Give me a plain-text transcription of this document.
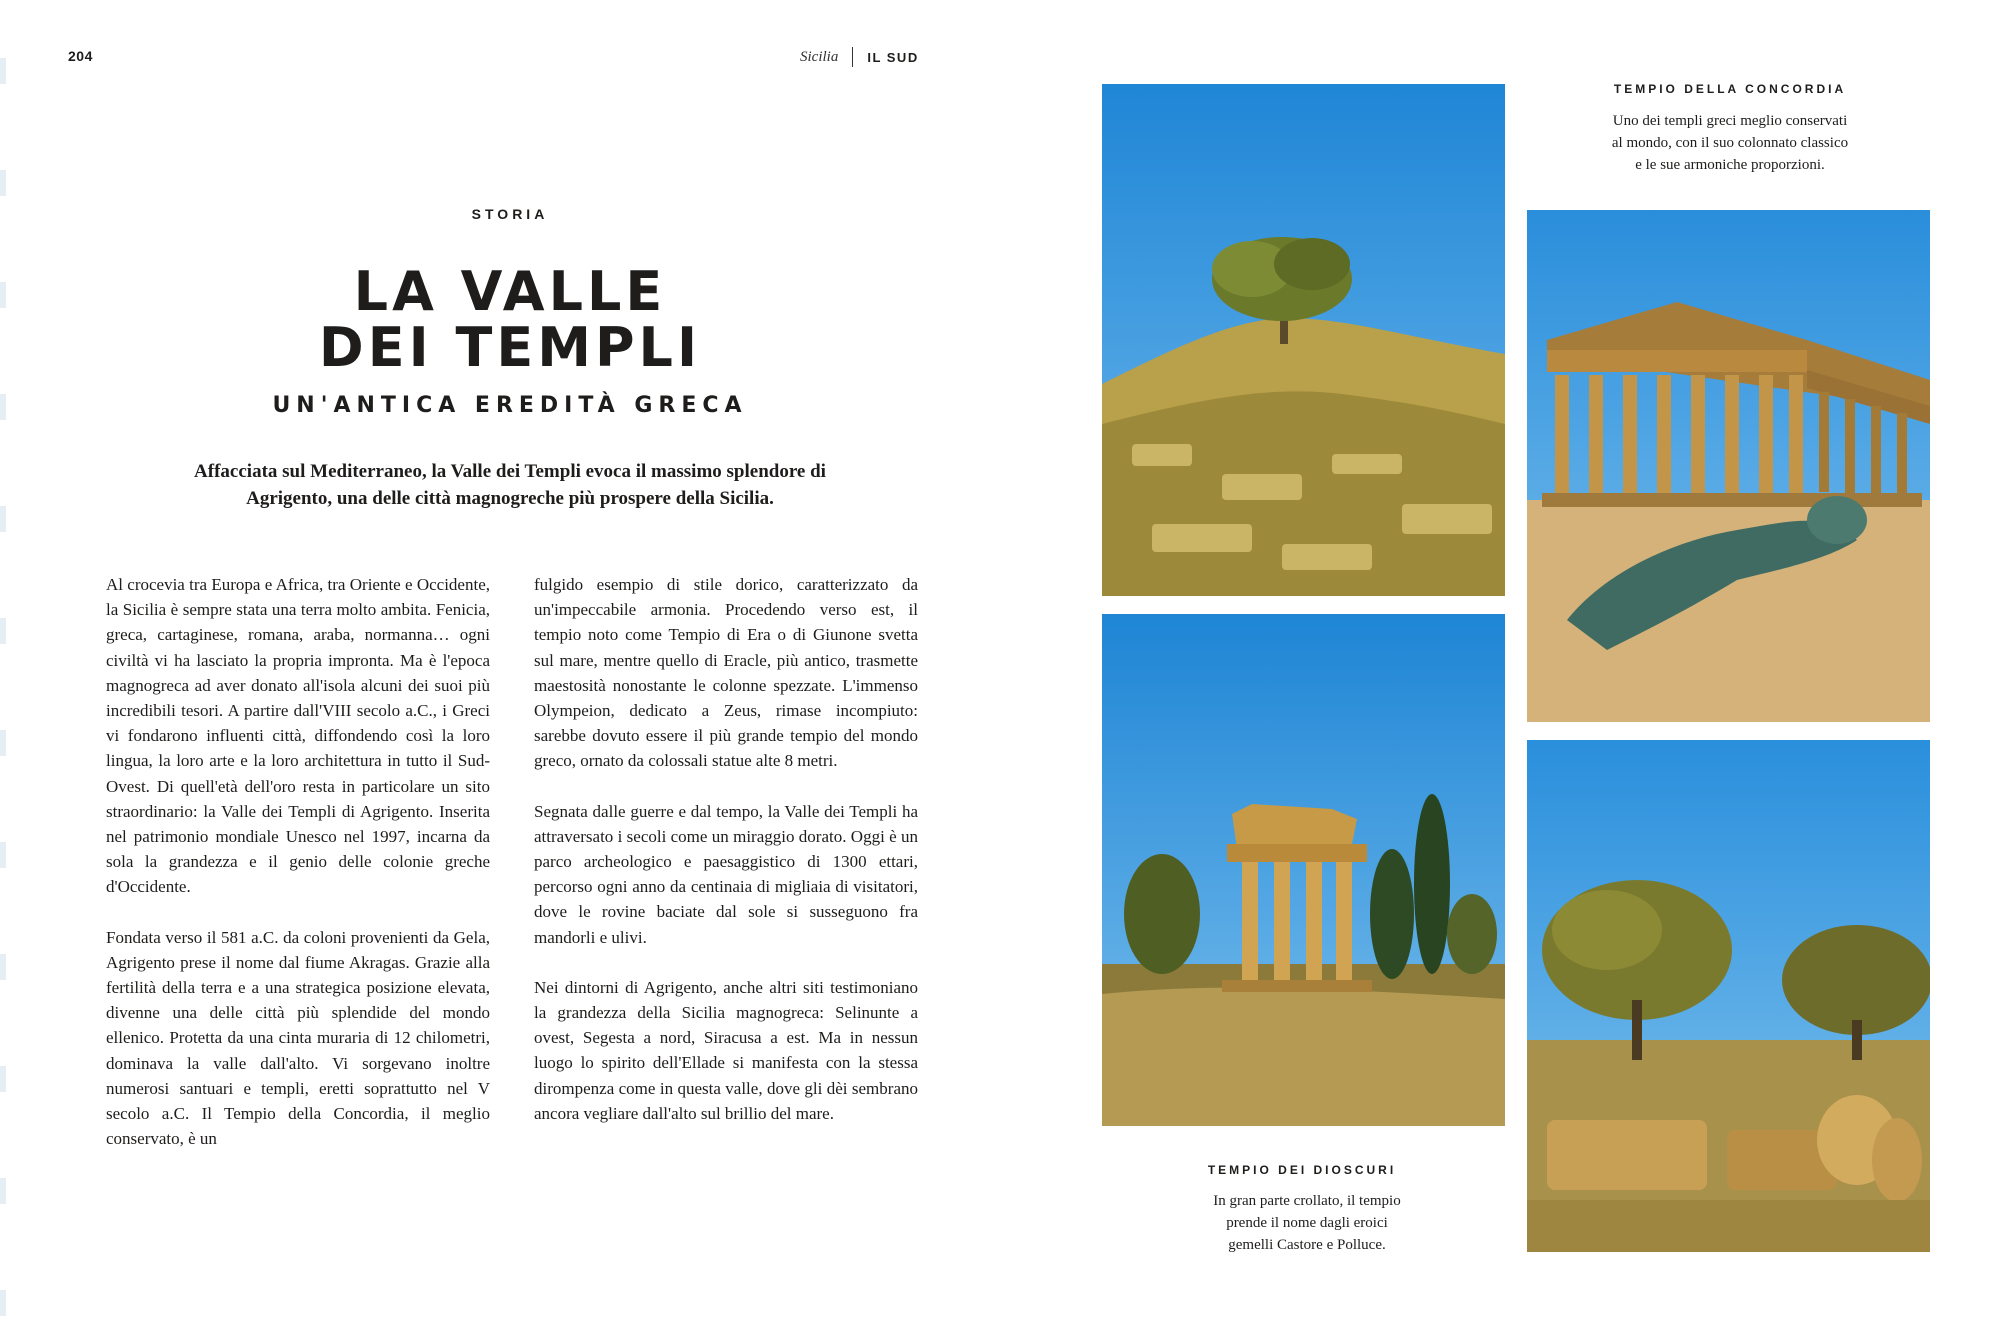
204	Sicilia IL SUD
STORIA
LA VALLE
DEI TEMPLI
UN'ANTICA EREDITÀ GRECA
Affacciata sul Mediterraneo, la Valle dei Templi evoca il massimo splendore di Agrigento, una delle città magnogreche più prospere della Sicilia.

Al crocevia tra Europa e Africa, tra Oriente e Occidente, la Sicilia è sempre stata una terra molto ambita. Fenicia, greca, cartaginese, romana, araba, normanna… ogni civiltà vi ha lasciato la propria impronta. Ma è l'epoca magnogreca ad aver donato all'isola alcuni dei suoi più incredibili tesori. A partire dall'VIII secolo a.C., i Greci vi fondarono influenti città, diffondendo così la loro lingua, la loro arte e la loro architettura in tutto il Sud-Ovest. Di quell'età dell'oro resta in particolare un sito straordinario: la Valle dei Templi di Agrigento. Inserita nel patrimonio mondiale Unesco nel 1997, incarna da sola la grandezza e il genio delle colonie greche d'Occidente.

Fondata verso il 581 a.C. da coloni provenienti da Gela, Agrigento prese il nome dal fiume Akragas. Grazie alla fertilità della terra e a una strategica posizione elevata, divenne una delle città più splendide del mondo ellenico. Protetta da una cinta muraria di 12 chilometri, dominava la valle dall'alto. Vi sorgevano inoltre numerosi santuari e templi, eretti soprattutto nel V secolo a.C. Il Tempio della Concordia, il meglio conservato, è un

fulgido esempio di stile dorico, caratterizzato da un'impeccabile armonia. Procedendo verso est, il tempio noto come Tempio di Era o di Giunone svetta sul mare, mentre quello di Eracle, più antico, trasmette maestosità nonostante le colonne spezzate. L'immenso Olympeion, dedicato a Zeus, rimase incompiuto: sarebbe dovuto essere il più grande tempio del mondo greco, ornato da colossali statue alte 8 metri.

Segnata dalle guerre e dal tempo, la Valle dei Templi ha attraversato i secoli come un miraggio dorato. Oggi è un parco archeologico e paesaggistico di 1300 ettari, percorso ogni anno da centinaia di migliaia di visitatori, dove le rovine baciate dal sole si susseguono fra mandorli e ulivi.

Nei dintorni di Agrigento, anche altri siti testimoniano la grandezza della Sicilia magnogreca: Selinunte a ovest, Segesta a nord, Siracusa a est. Ma in nessun luogo lo spirito dell'Ellade si manifesta con la stessa dirompenza come in questa valle, dove gli dèi sembrano ancora vegliare dall'alto sul brillio del mare.

TEMPIO DELLA CONCORDIA
Uno dei templi greci meglio conservati
al mondo, con il suo colonnato classico
e le sue armoniche proporzioni.
TEMPIO DEI DIOSCURI
In gran parte crollato, il tempio
prende il nome dagli eroici
gemelli Castore e Polluce.
